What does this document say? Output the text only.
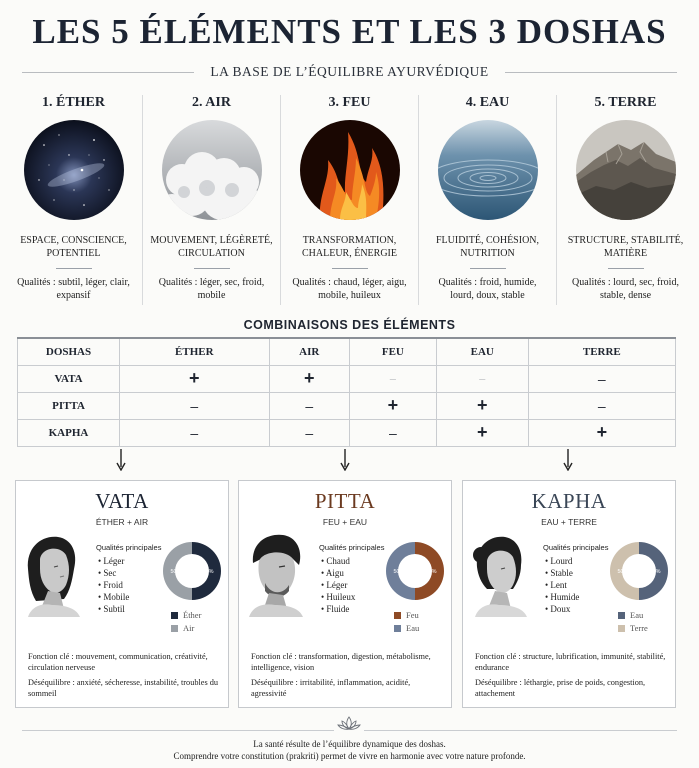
LES 5 ÉLÉMENTS ET LES 3 DOSHAS
LA BASE DE L’ÉQUILIBRE AYURVÉDIQUE
1. ÉTHER
ESPACE, CONSCIENCE, POTENTIEL
Qualités : subtil, léger, clair, expansif
2. AIR
MOUVEMENT, LÉGÈRETÉ, CIRCULATION
Qualités : léger, sec, froid, mobile
3. FEU
TRANSFORMATION, CHALEUR, ÉNERGIE
Qualités : chaud, léger, aigu, mobile, huileux
4. EAU
FLUIDITÉ, COHÉSION, NUTRITION
Qualités : froid, humide, lourd, doux, stable
5. TERRE
STRUCTURE, STABILITÉ, MATIÈRE
Qualités : lourd, sec, froid, stable, dense
COMBINAISONS DES ÉLÉMENTS
DOSHAS	ÉTHER	AIR	FEU	EAU	TERRE
VATA	+	+	–	–	–
PITTA	–	–	+	+	–
KAPHA	–	–	–	+	+
VATA
ÉTHER + AIR
Qualités principales
• Léger
• Sec
• Froid
• Mobile
• Subtil
50%	50%
Éther
Air
Fonction clé : mouvement, communication, créativité, circulation nerveuse
Déséquilibre : anxiété, sécheresse, instabilité, troubles du sommeil
PITTA
FEU + EAU
Qualités principales
• Chaud
• Aigu
• Léger
• Huileux
• Fluide
50%	50%
Feu
Eau
Fonction clé : transformation, digestion, métabolisme, intelligence, vision
Déséquilibre : irritabilité, inflammation, acidité, agressivité
KAPHA
EAU + TERRE
Qualités principales
• Lourd
• Stable
• Lent
• Humide
• Doux
50%	50%
Eau
Terre
Fonction clé : structure, lubrification, immunité, stabilité, endurance
Déséquilibre : léthargie, prise de poids, congestion, attachement
La santé résulte de l’équilibre dynamique des doshas.
Comprendre votre constitution (prakriti) permet de vivre en harmonie avec votre nature profonde.
